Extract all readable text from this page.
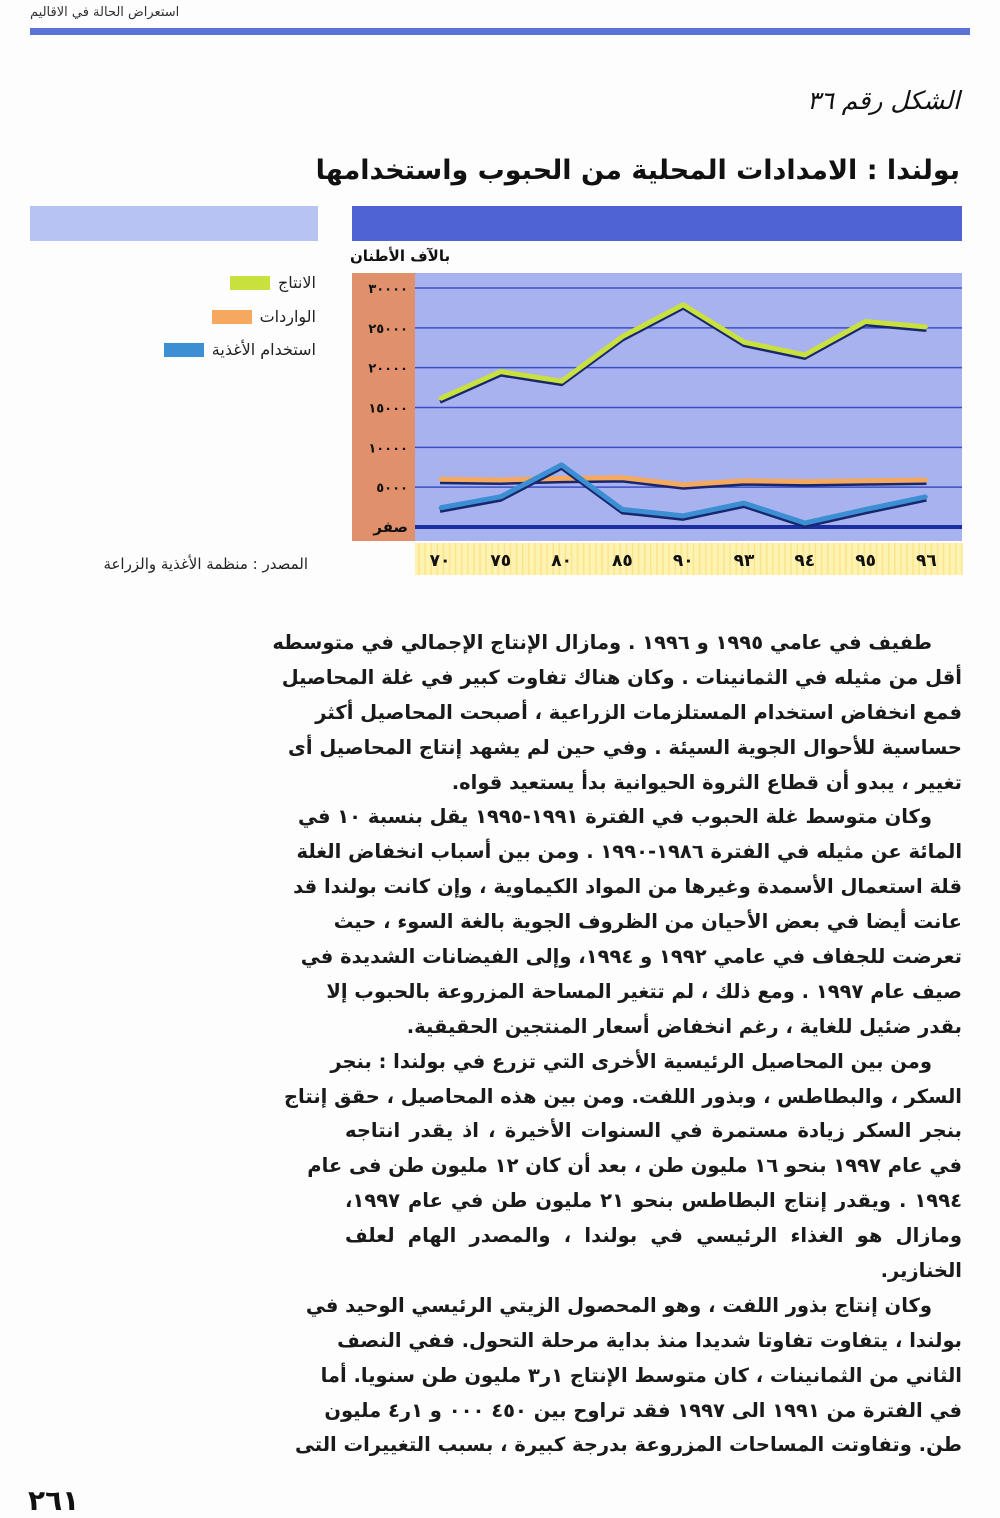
استعراض الحالة في الاقاليم
الشكل رقم ٣٦
بولندا : الامدادات المحلية من الحبوب واستخدامها
بالآف الأطنان
صفر
٥٠٠٠
١٠٠٠٠
١٥٠٠٠
٢٠٠٠٠
٢٥٠٠٠
٣٠٠٠٠
٧٠ ٧٥ ٨٠ ٨٥ ٩٠ ٩٣ ٩٤ ٩٥ ٩٦
الانتاج
الواردات
استخدام الأغذية
المصدر : منظمة الأغذية والزراعة
طفيف في عامي ١٩٩٥ و ١٩٩٦ . ومازال الإنتاج الإجمالي في متوسطه
أقل من مثيله في الثمانينات . وكان هناك تفاوت كبير في غلة المحاصيل
فمع انخفاض استخدام المستلزمات الزراعية ، أصبحت المحاصيل أكثر
حساسية للأحوال الجوية السيئة . وفي حين لم يشهد إنتاج المحاصيل أى
تغيير ، يبدو أن قطاع الثروة الحيوانية بدأ يستعيد قواه.
وكان متوسط غلة الحبوب في الفترة ١٩٩١-١٩٩٥ يقل بنسبة ١٠ في
المائة عن مثيله في الفترة ١٩٨٦-١٩٩٠ . ومن بين أسباب انخفاض الغلة
قلة استعمال الأسمدة وغيرها من المواد الكيماوية ، وإن كانت بولندا قد
عانت أيضا في بعض الأحيان من الظروف الجوية بالغة السوء ، حيث
تعرضت للجفاف في عامي ١٩٩٢ و ١٩٩٤، وإلى الفيضانات الشديدة في
صيف عام ١٩٩٧ . ومع ذلك ، لم تتغير المساحة المزروعة بالحبوب إلا
بقدر ضئيل للغاية ، رغم انخفاض أسعار المنتجين الحقيقية.
ومن بين المحاصيل الرئيسية الأخرى التي تزرع في بولندا : بنجر
السكر ، والبطاطس ، وبذور اللفت. ومن بين هذه المحاصيل ، حقق إنتاج
بنجر السكر زيادة مستمرة في السنوات الأخيرة ، اذ يقدر انتاجه
في عام ١٩٩٧ بنحو ١٦ مليون طن ، بعد أن كان ١٢ مليون طن فى عام
١٩٩٤ . ويقدر إنتاج البطاطس بنحو ٢١ مليون طن في عام ١٩٩٧،
ومازال هو الغذاء الرئيسي في بولندا ، والمصدر الهام لعلف
الخنازير.
وكان إنتاج بذور اللفت ، وهو المحصول الزيتي الرئيسي الوحيد في
بولندا ، يتفاوت تفاوتا شديدا منذ بداية مرحلة التحول. ففي النصف
الثاني من الثمانينات ، كان متوسط الإنتاج ١ر٣ مليون طن سنويا. أما
في الفترة من ١٩٩١ الى ١٩٩٧ فقد تراوح بين ٤٥٠ ٠٠٠ و ١ر٤ مليون
طن. وتفاوتت المساحات المزروعة بدرجة كبيرة ، بسبب التغييرات التى
٢٦١
